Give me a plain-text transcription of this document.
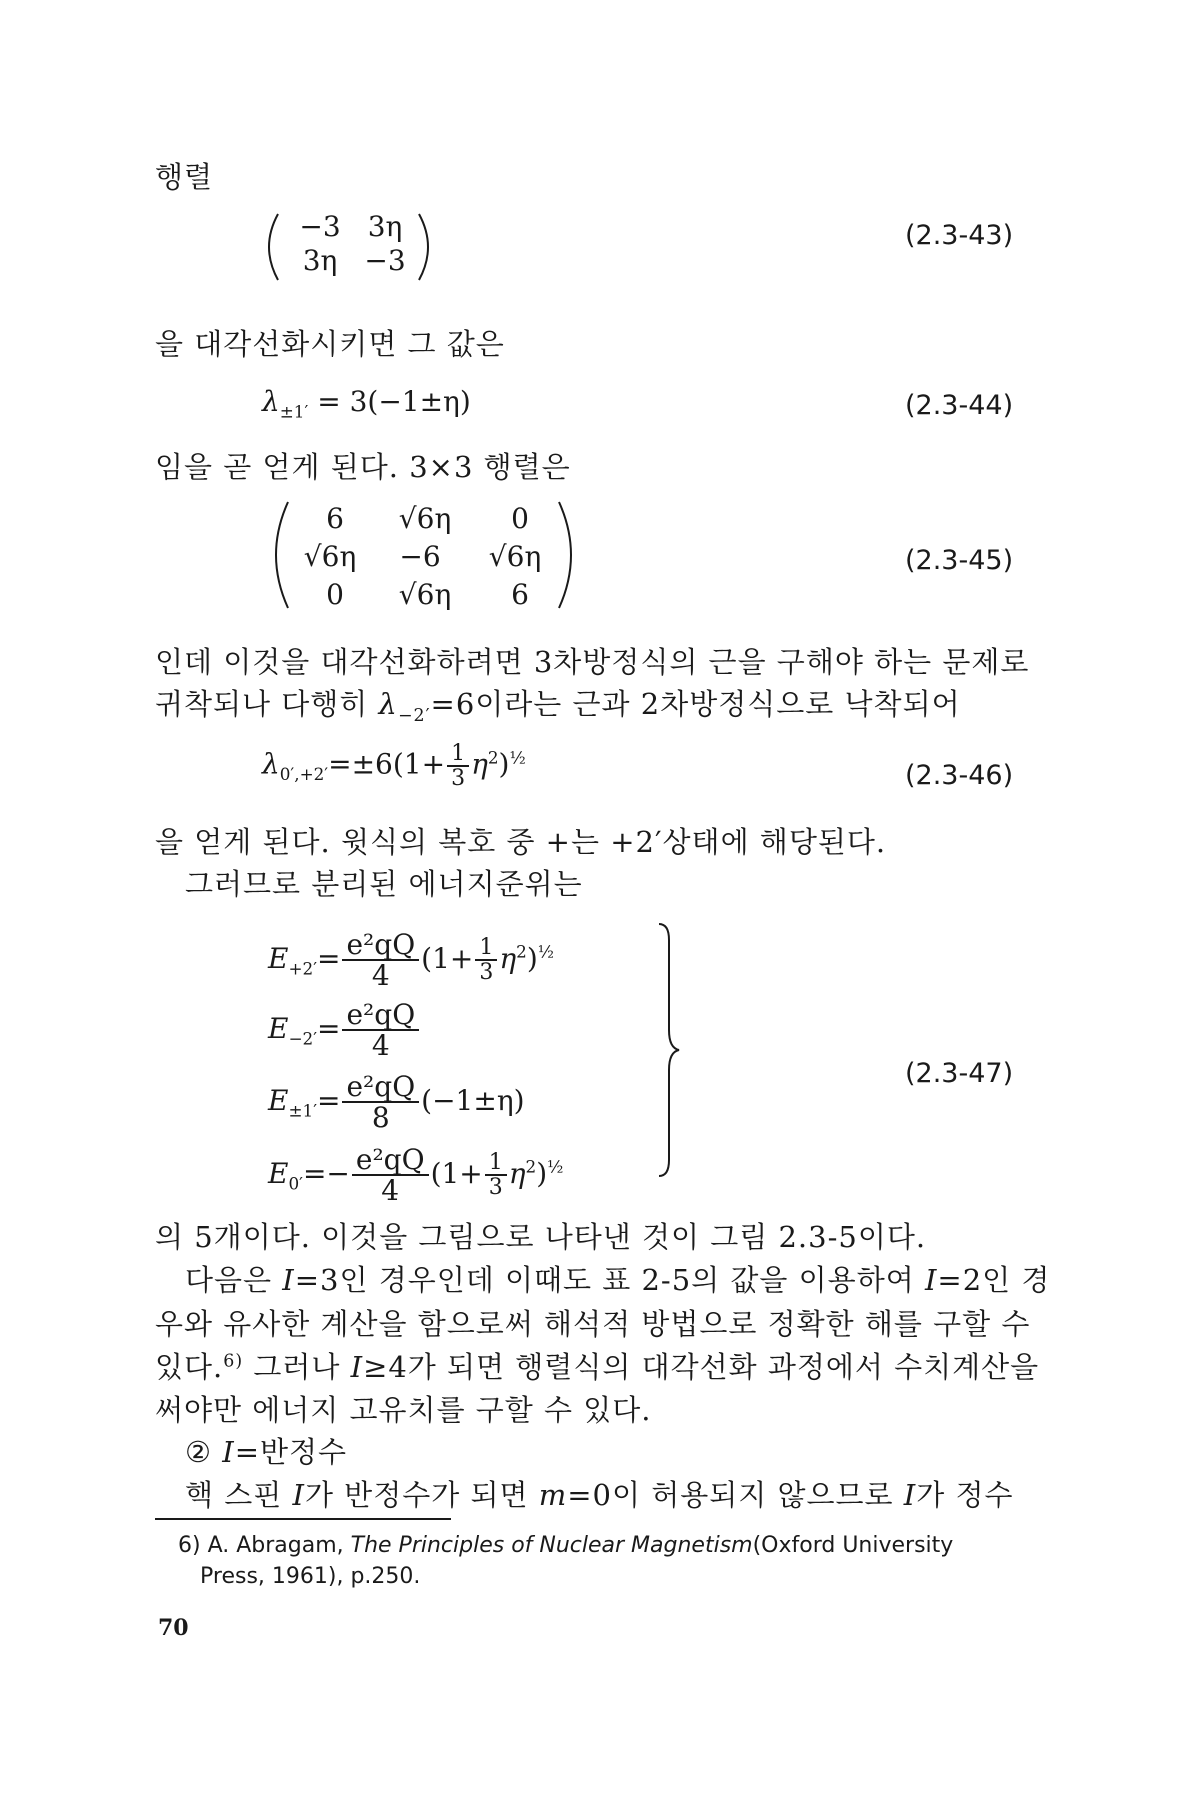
행렬
−3 3η
3η −3
(2.3-43)
을 대각선화시키면 그 값은
$\lambda_{\pm 1'} = 3(-1\pm\eta)$	(2.3-44)
임을 곧 얻게 된다. 3×3 행렬은
6	√6η	0
√6η	−6	√6η
0	√6η	6
(2.3-45)
인데 이것을 대각선화하려면 3차방정식의 근을 구해야 하는 문제로
귀착되나 다행히 $\lambda_{-2'}=6$이라는 근과 2차방정식으로 낙착되어
$\lambda_{0',+2'}=\pm 6(1+ \frac{1}{3} \eta^2)^{\frac{1}{2}}$
(2.3-46)
을 얻게 된다. 윗식의 복호 중 +는 +2′상태에 해당된다.
그러므로 분리된 에너지준위는
$E_{+2'}= \frac{\text{e²qQ}}{4} (1+ \frac{1}{3} \eta^2)^{\frac{1}{2}}$
$E_{-2'}= \frac{\text{e²qQ}}{4}$
$E_{\pm 1'}= \frac{\text{e²qQ}}{8} (-1\pm\eta)$
$E_{0'}=- \frac{\text{e²qQ}}{4} (1+ \frac{1}{3} \eta^2)^{\frac{1}{2}}$
(2.3-47)
의 5개이다. 이것을 그림으로 나타낸 것이 그림 2.3-5이다.
다음은 I=3인 경우인데 이때도 표 2-5의 값을 이용하여 I=2인 경
우와 유사한 계산을 함으로써 해석적 방법으로 정확한 해를 구할 수
있다.$^{6)}$ 그러나 I≥4가 되면 행렬식의 대각선화 과정에서 수치계산을
써야만 에너지 고유치를 구할 수 있다.
② I=반정수
핵 스핀 I가 반정수가 되면 m=0이 허용되지 않으므로 I가 정수
6) A. Abragam, The Principles of Nuclear Magnetism(Oxford University
Press, 1961), p.250.
70
